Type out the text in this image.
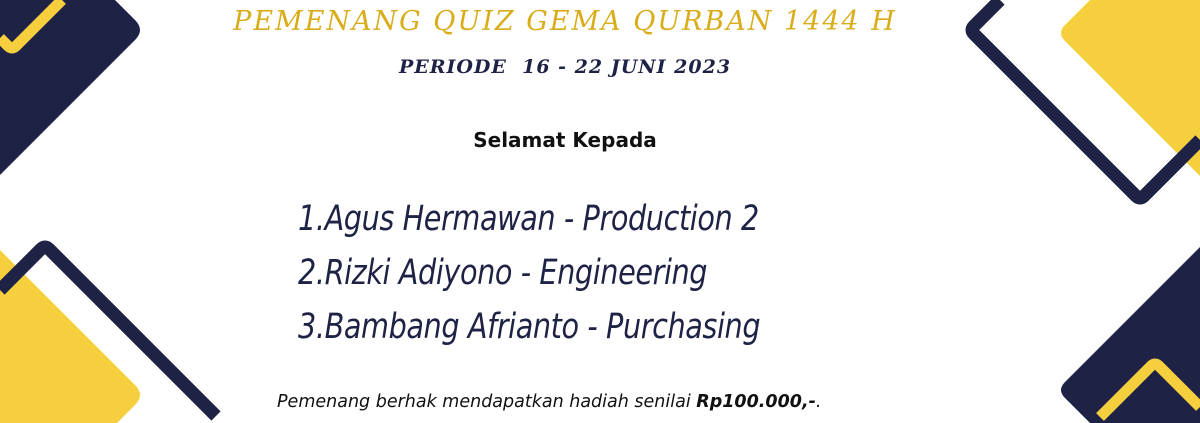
PEMENANG QUIZ GEMA QURBAN 1444 H
PERIODE  16 - 22 JUNI 2023
Selamat Kepada
1.Agus Hermawan - Production 2
2.Rizki Adiyono - Engineering
3.Bambang Afrianto - Purchasing
Pemenang berhak mendapatkan hadiah senilai Rp100.000,-.
